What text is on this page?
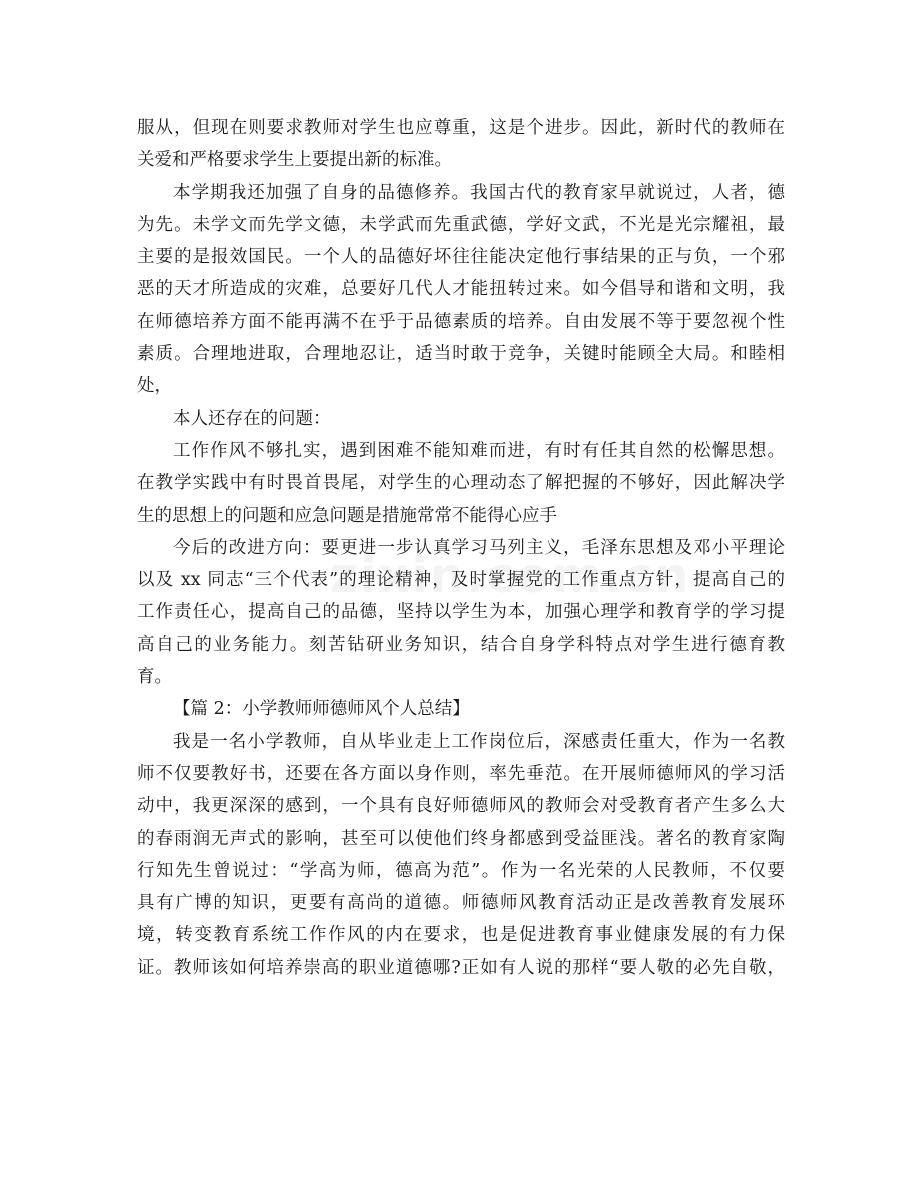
服从，但现在则要求教师对学生也应尊重，这是个进步。因此，新时代的教师在
关爱和严格要求学生上要提出新的标准。
本学期我还加强了自身的品德修养。我国古代的教育家早就说过，人者，德
为先。未学文而先学文德，未学武而先重武德，学好文武，不光是光宗耀祖，最
主要的是报效国民。一个人的品德好坏往往能决定他行事结果的正与负，一个邪
恶的天才所造成的灾难，总要好几代人才能扭转过来。如今倡导和谐和文明，我
在师德培养方面不能再满不在乎于品德素质的培养。自由发展不等于要忽视个性
素质。合理地进取，合理地忍让，适当时敢于竞争，关键时能顾全大局。和睦相
处，
本人还存在的问题：
工作作风不够扎实，遇到困难不能知难而进，有时有任其自然的松懈思想。
在教学实践中有时畏首畏尾，对学生的心理动态了解把握的不够好，因此解决学
生的思想上的问题和应急问题是措施常常不能得心应手
今后的改进方向：要更进一步认真学习马列主义，毛泽东思想及邓小平理论
以及 xx 同志“三个代表”的理论精神，及时掌握党的工作重点方针，提高自己的
工作责任心，提高自己的品德，坚持以学生为本，加强心理学和教育学的学习提
高自己的业务能力。刻苦钻研业务知识，结合自身学科特点对学生进行德育教
育。
【篇 2：小学教师师德师风个人总结】
我是一名小学教师，自从毕业走上工作岗位后，深感责任重大，作为一名教
师不仅要教好书，还要在各方面以身作则，率先垂范。在开展师德师风的学习活
动中，我更深深的感到，一个具有良好师德师风的教师会对受教育者产生多么大
的春雨润无声式的影响，甚至可以使他们终身都感到受益匪浅。著名的教育家陶
行知先生曾说过：“学高为师，德高为范”。作为一名光荣的人民教师，不仅要
具有广博的知识，更要有高尚的道德。师德师风教育活动正是改善教育发展环
境，转变教育系统工作作风的内在要求，也是促进教育事业健康发展的有力保
证。教师该如何培养崇高的职业道德哪?正如有人说的那样“要人敬的必先自敬，
